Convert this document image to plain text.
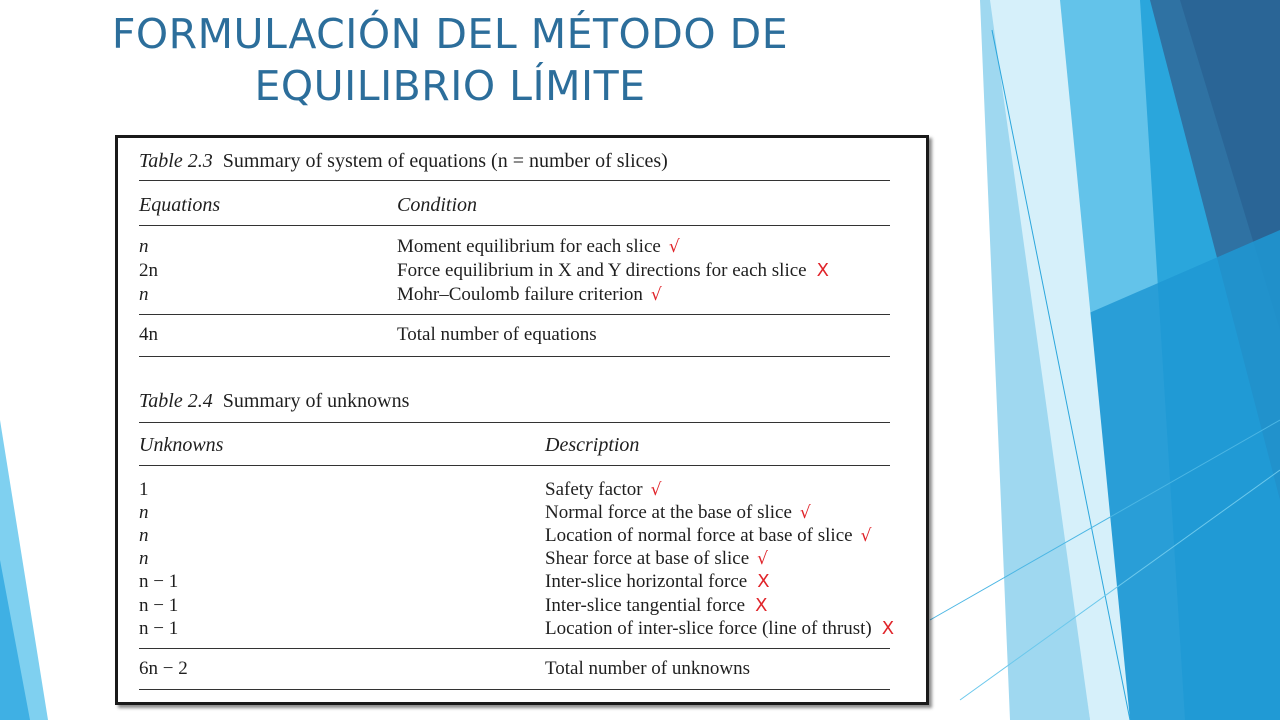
FORMULACIÓN DEL MÉTODO DE
EQUILIBRIO LÍMITE
Table 2.3 Summary of system of equations (n = number of slices)
Equations	Condition
n	Moment equilibrium for each slice √
2n	Force equilibrium in X and Y directions for each slice X
n	Mohr–Coulomb failure criterion √
4n	Total number of equations
Table 2.4 Summary of unknowns
Unknowns	Description
1	Safety factor √
n	Normal force at the base of slice √
n	Location of normal force at base of slice √
n	Shear force at base of slice √
n − 1	Inter-slice horizontal force X
n − 1	Inter-slice tangential force X
n − 1	Location of inter-slice force (line of thrust) X
6n − 2	Total number of unknowns
